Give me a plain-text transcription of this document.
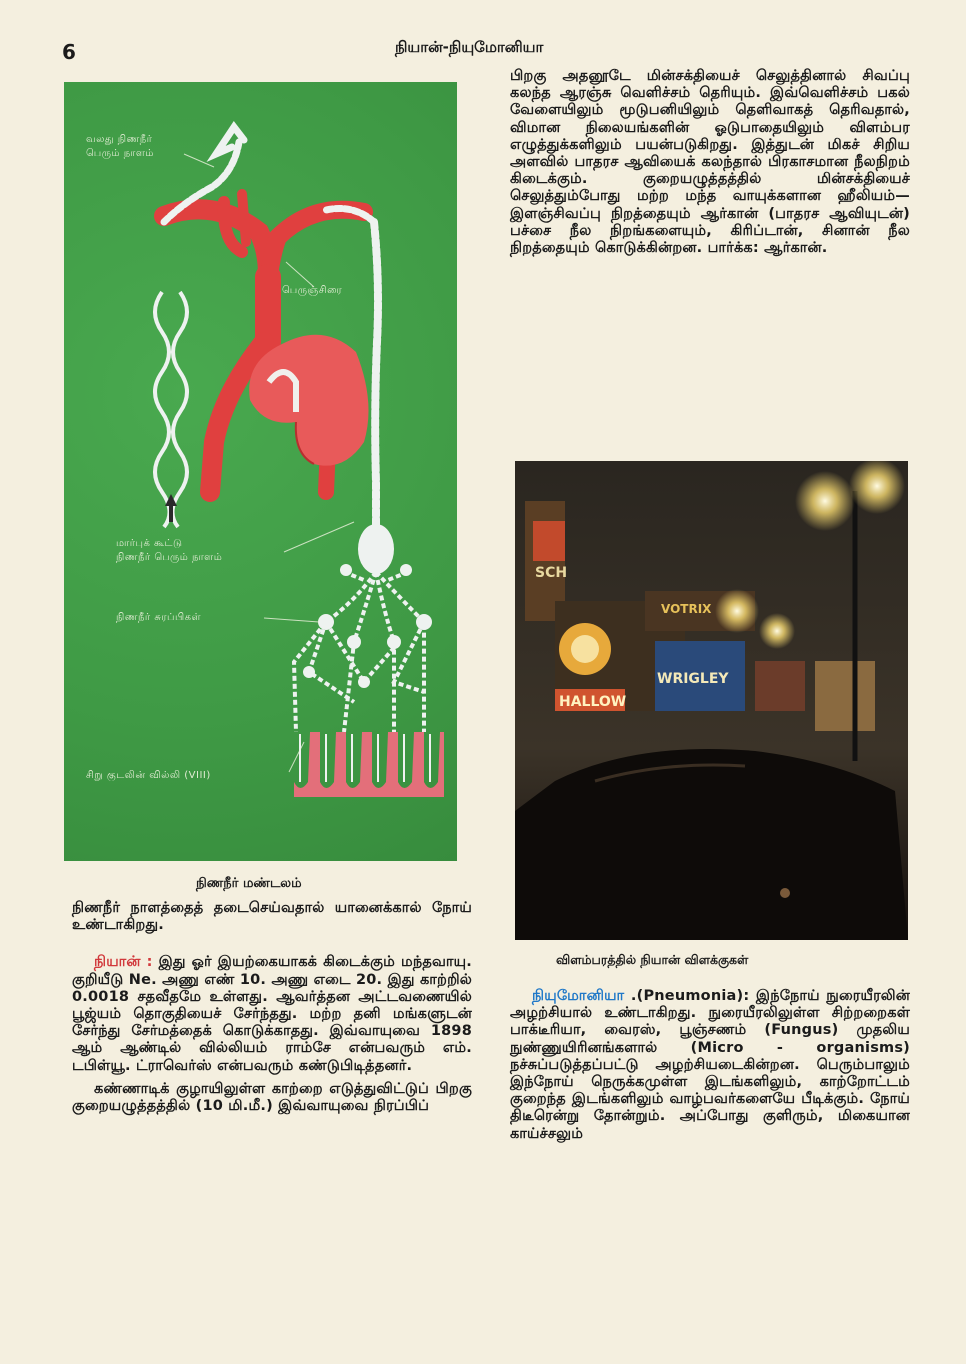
6	நியான்-நியுமோனியா
வலது நிணநீர்
பெரும் நாளம்
பெருஞ்சிரை
மார்புக் கூட்டு
நிணநீர் பெரும் நாளம்
நிணநீர் சுரப்பிகள்
சிறு குடலின் வில்லி (VIII)
நிணநீர் மண்டலம்

நிணநீர் நாளத்தைத் தடைசெய்வதால் யானைக்கால் நோய் உண்டாகிறது.

நியான் : இது ஓர் இயற்கையாகக் கிடைக்கும் மந்தவாயு. குறியீடு Ne. அணு எண் 10. அணு எடை 20. இது காற்றில் 0.0018 சதவீதமே உள்ளது. ஆவர்த்தன அட்டவணையில் பூஜ்யம் தொகுதியைச் சேர்ந்தது. மற்ற தனி மங்களுடன் சேர்ந்து சேர்மத்தைக் கொடுக்காதது. இவ்வாயுவை 1898 ஆம் ஆண்டில் வில்லியம் ராம்சே என்பவரும் எம். டபிள்யூ. ட்ராவெர்ஸ் என்பவரும் கண்டுபிடித்தனர்.

கண்ணாடிக் குழாயிலுள்ள காற்றை எடுத்துவிட்டுப் பிறகு குறையழுத்தத்தில் (10 மி.மீ.) இவ்வாயுவை நிரப்பிப்

பிறகு அதனூடே மின்சக்தியைச் செலுத்தினால் சிவப்பு கலந்த ஆரஞ்சு வெளிச்சம் தெரியும். இவ்வெளிச்சம் பகல் வேளையிலும் மூடுபனியிலும் தெளிவாகத் தெரிவதால், விமான நிலையங்களின் ஓடுபாதையிலும் விளம்பர எழுத்துக்களிலும் பயன்படுகிறது. இத்துடன் மிகச் சிறிய அளவில் பாதரச ஆவியைக் கலந்தால் பிரகாசமான நீலநிறம் கிடைக்கும். குறையழுத்தத்தில் மின்சக்தியைச் செலுத்தும்போது மற்ற மந்த வாயுக்களான ஹீலியம்— இளஞ்சிவப்பு நிறத்தையும் ஆர்கான் (பாதரச ஆவியுடன்) பச்சை நீல நிறங்களையும், கிரிப்டான், சினான் நீல நிறத்தையும் கொடுக்கின்றன. பார்க்க: ஆர்கான்.

SCH
HALLOW
VOTRIX
WRIGLEY
விளம்பரத்தில் நியான் விளக்குகள்

நியுமோனியா .(Pneumonia): இந்நோய் நுரையீரலின் அழற்சியால் உண்டாகிறது. நுரையீரலிலுள்ள சிற்றறைகள் பாக்டீரியா, வைரஸ், பூஞ்சணம் (Fungus) முதலிய நுண்ணுயிரினங்களால் (Micro - organisms) நச்சுப்படுத்தப்பட்டு அழற்சியடைகின்றன. பெரும்பாலும் இந்நோய் நெருக்கமுள்ள இடங்களிலும், காற்றோட்டம் குறைந்த இடங்களிலும் வாழ்பவர்களையே பீடிக்கும். நோய் திடீரென்று தோன்றும். அப்போது குளிரும், மிகையான காய்ச்சலும்
